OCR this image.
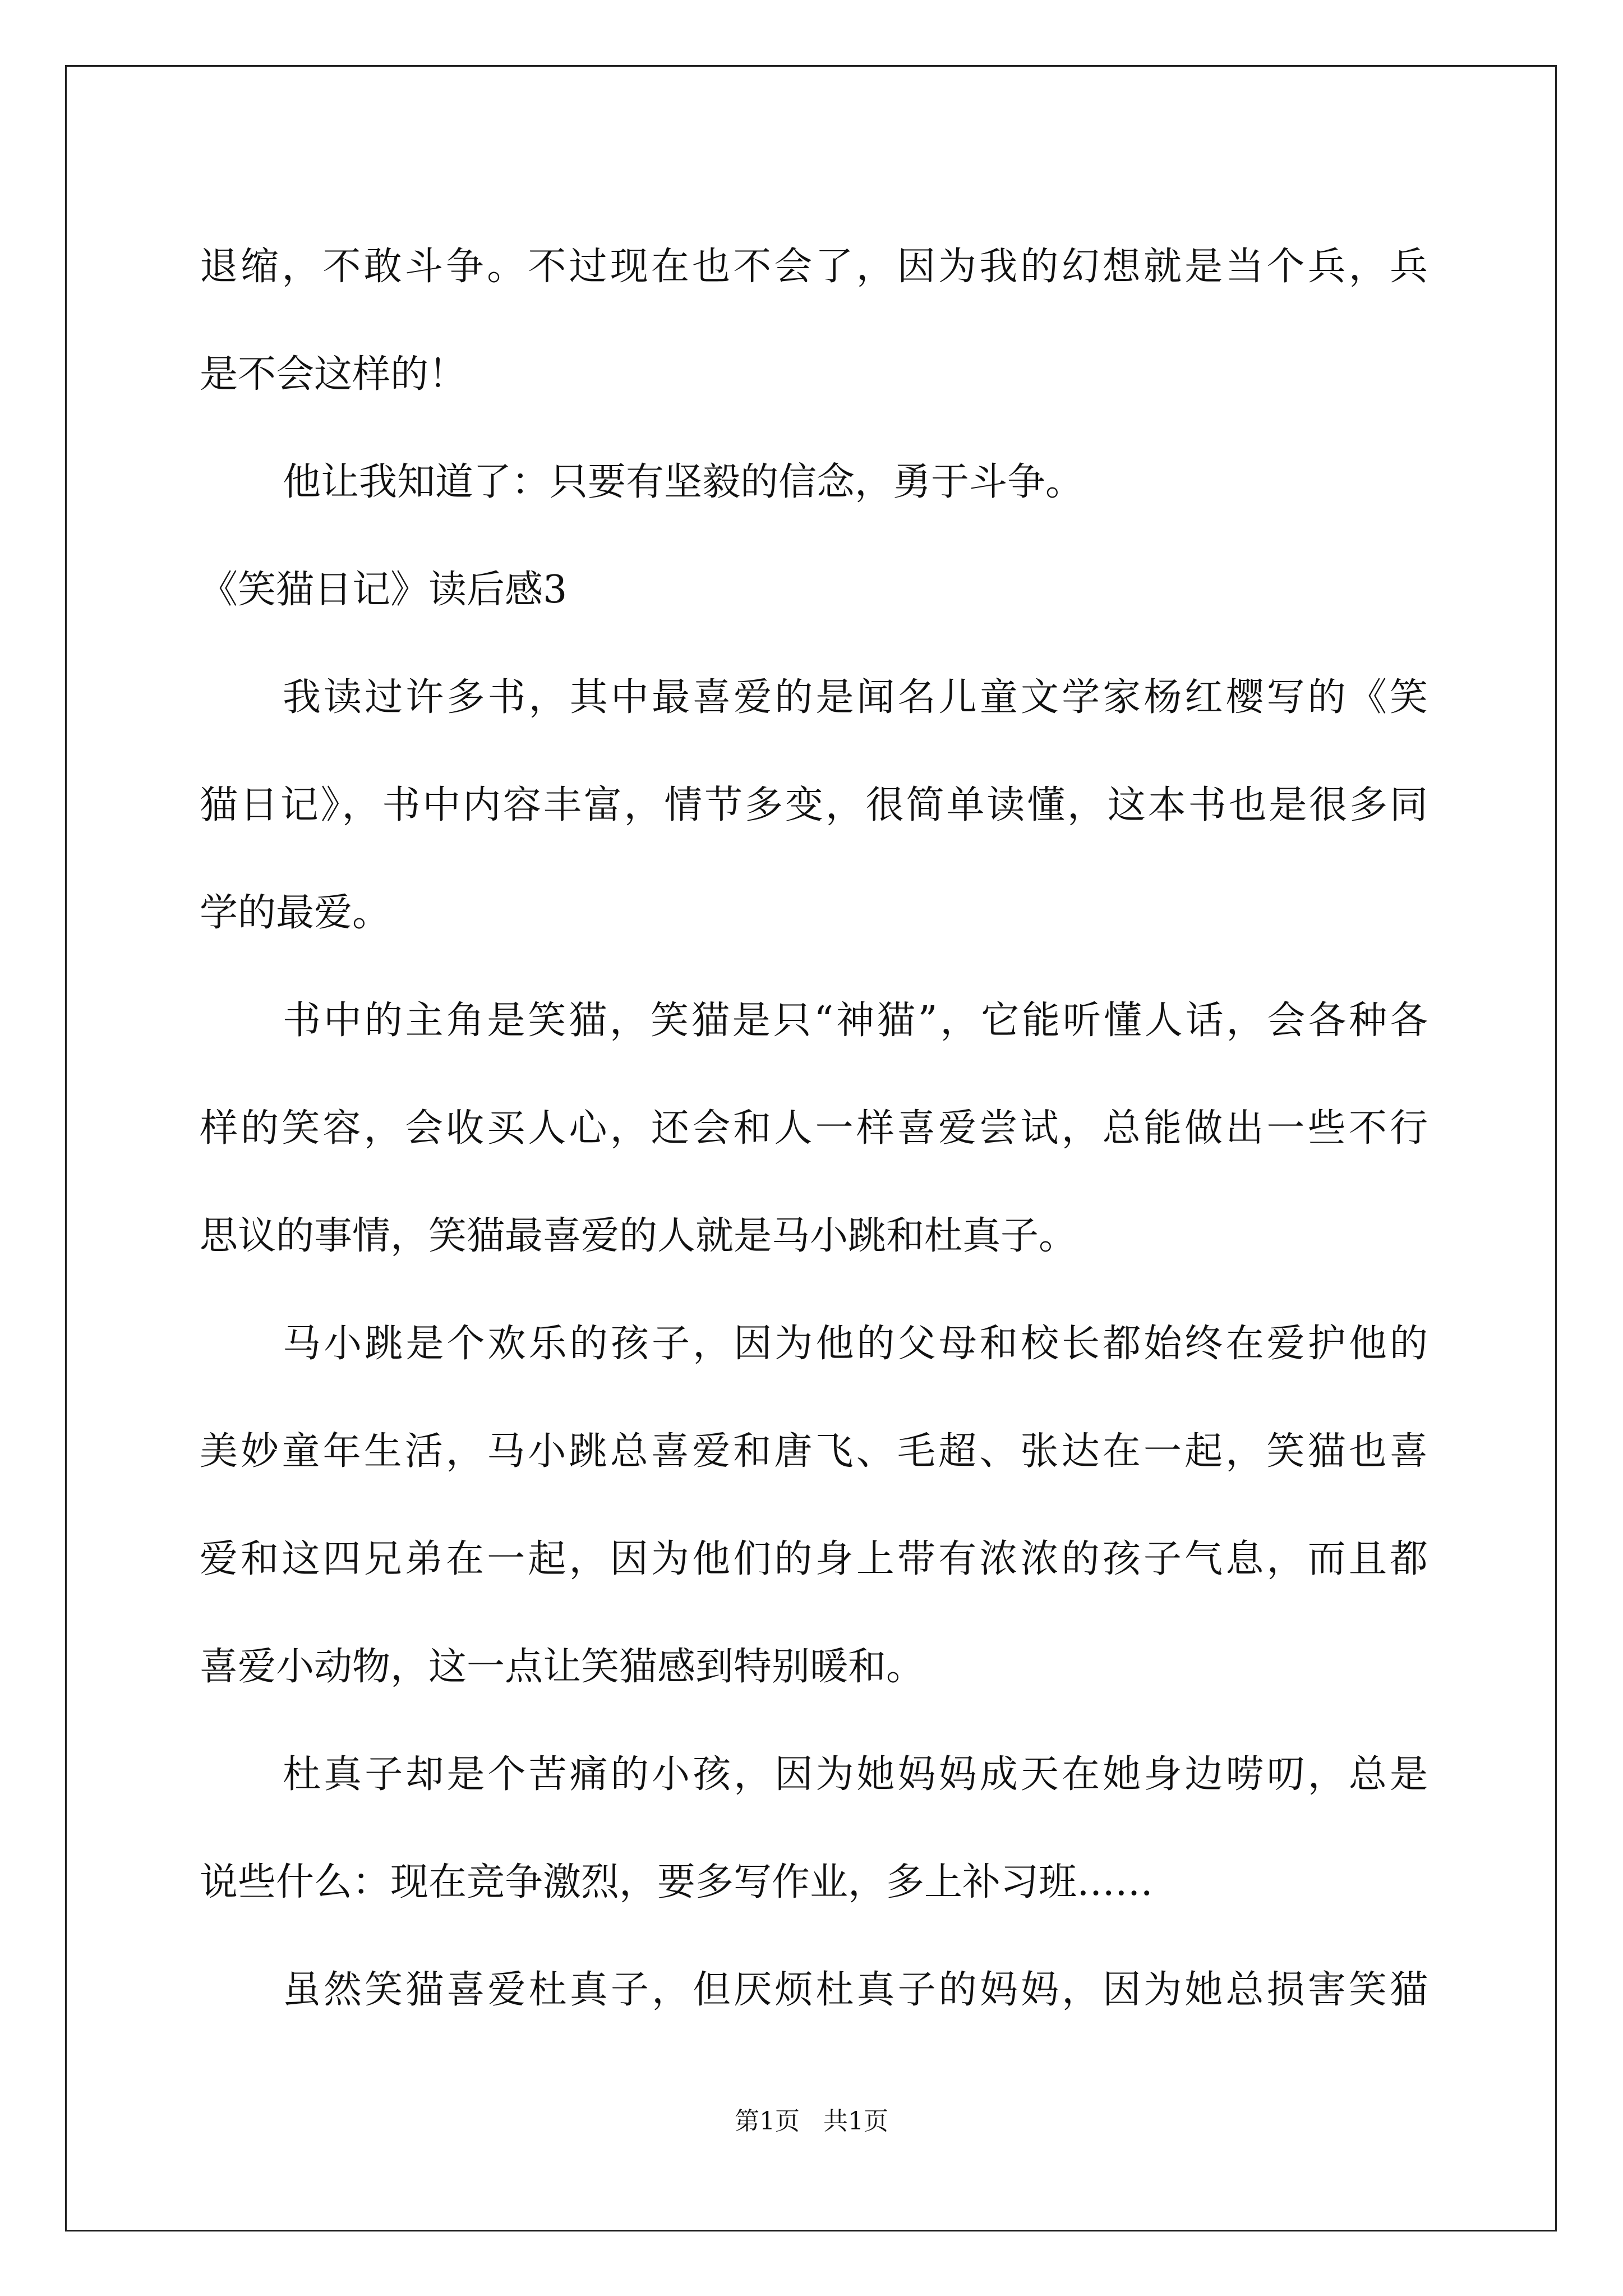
退缩，不敢斗争。不过现在也不会了，因为我的幻想就是当个兵，兵
是不会这样的！
他让我知道了：只要有坚毅的信念，勇于斗争。
《笑猫日记》读后感3
我读过许多书，其中最喜爱的是闻名儿童文学家杨红樱写的《笑
猫日记》，书中内容丰富，情节多变，很简单读懂，这本书也是很多同
学的最爱。
书中的主角是笑猫，笑猫是只“神猫”，它能听懂人话，会各种各
样的笑容，会收买人心，还会和人一样喜爱尝试，总能做出一些不行
思议的事情，笑猫最喜爱的人就是马小跳和杜真子。
马小跳是个欢乐的孩子，因为他的父母和校长都始终在爱护他的
美妙童年生活，马小跳总喜爱和唐飞、毛超、张达在一起，笑猫也喜
爱和这四兄弟在一起，因为他们的身上带有浓浓的孩子气息，而且都
喜爱小动物，这一点让笑猫感到特别暖和。
杜真子却是个苦痛的小孩，因为她妈妈成天在她身边唠叨，总是
说些什么：现在竞争激烈，要多写作业，多上补习班……
虽然笑猫喜爱杜真子，但厌烦杜真子的妈妈，因为她总损害笑猫
第1页   共1页
